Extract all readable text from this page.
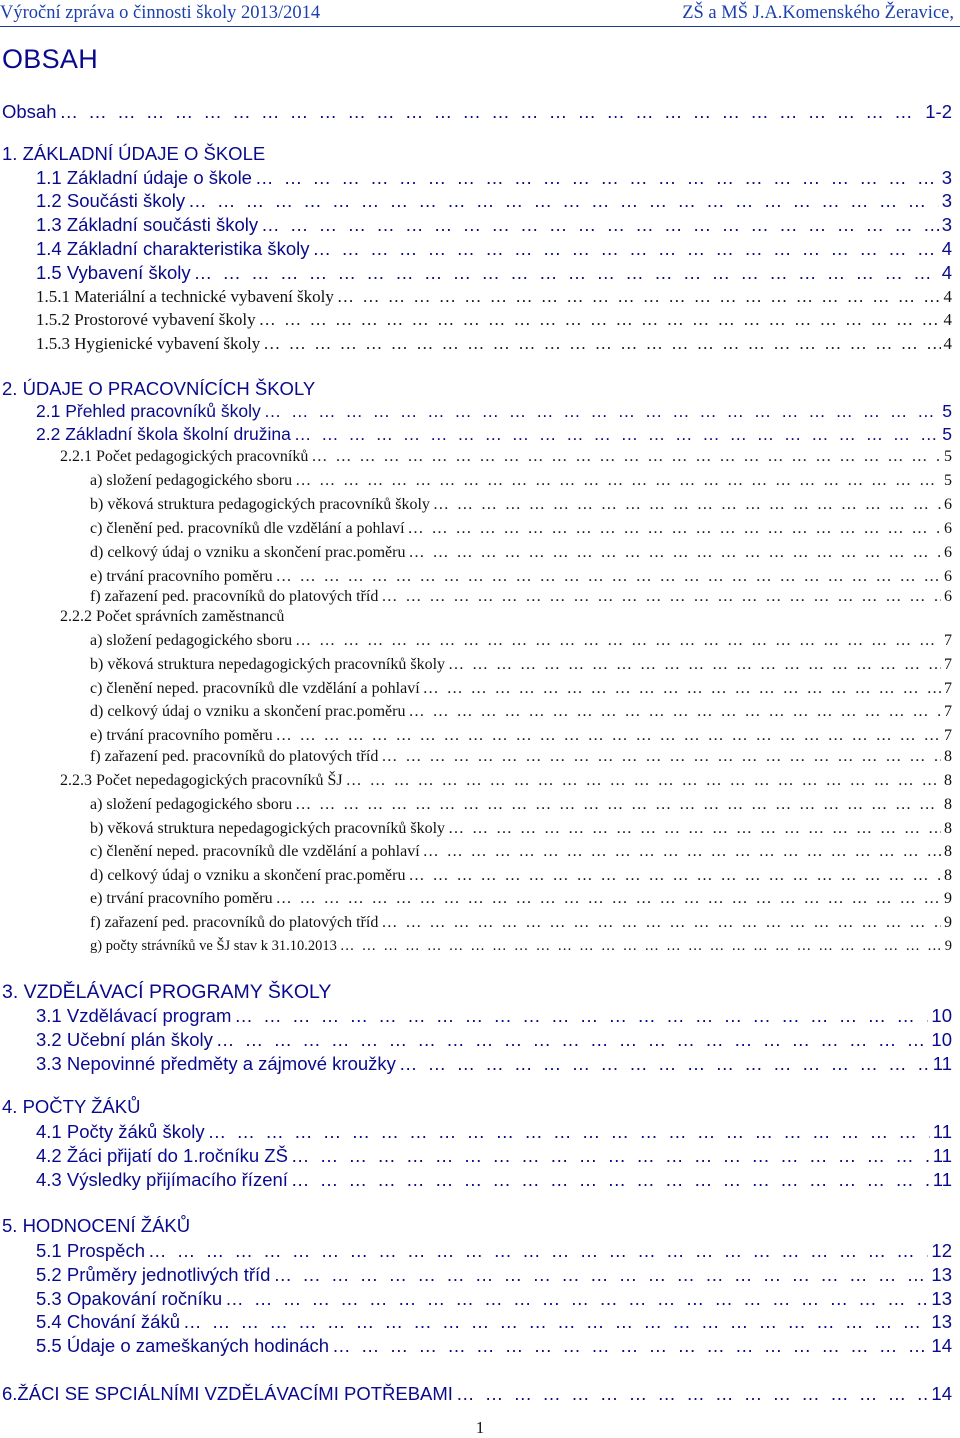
Výroční zpráva o činnosti školy 2013/2014	ZŠ a MŠ J.A.Komenského Žeravice,
OBSAH
Obsah … … … … … … … … … … … … … … … … … … … … … … … … … … … … … … … … … … … … … … … … … … … … … … … … … … … … … … … … … … … … … …	1-2
1. ZÁKLADNÍ ÚDAJE O ŠKOLE
1.1 Základní údaje o škole … … … … … … … … … … … … … … … … … … … … … … … … … … … … … … … … … … … … … … … … … … … … … … … … … … … … … … … … … … … … … …	3
1.2 Součásti školy … … … … … … … … … … … … … … … … … … … … … … … … … … … … … … … … … … … … … … … … … … … … … … … … … … … … … … … … … … … … … …	3
1.3 Základní součásti školy … … … … … … … … … … … … … … … … … … … … … … … … … … … … … … … … … … … … … … … … … … … … … … … … … … … … … … … … … … … … … …	3
1.4 Základní charakteristika školy … … … … … … … … … … … … … … … … … … … … … … … … … … … … … … … … … … … … … … … … … … … … … … … … … … … … … … … … … … … … … …	4
1.5 Vybavení školy … … … … … … … … … … … … … … … … … … … … … … … … … … … … … … … … … … … … … … … … … … … … … … … … … … … … … … … … … … … … … …	4
1.5.1 Materiální a technické vybavení školy … … … … … … … … … … … … … … … … … … … … … … … … … … … … … … … … … … … … … … … … … … … … … … … … … … … … … … … … … … … … … …	4
1.5.2 Prostorové vybavení školy … … … … … … … … … … … … … … … … … … … … … … … … … … … … … … … … … … … … … … … … … … … … … … … … … … … … … … … … … … … … … …	4
1.5.3 Hygienické vybavení školy … … … … … … … … … … … … … … … … … … … … … … … … … … … … … … … … … … … … … … … … … … … … … … … … … … … … … … … … … … … … … …	4
2. ÚDAJE O PRACOVNÍCÍCH ŠKOLY
2.1 Přehled pracovníků školy … … … … … … … … … … … … … … … … … … … … … … … … … … … … … … … … … … … … … … … … … … … … … … … … … … … … … … … … … … … … … …	5
2.2 Základní škola školní družina … … … … … … … … … … … … … … … … … … … … … … … … … … … … … … … … … … … … … … … … … … … … … … … … … … … … … … … … … … … … … …	5
2.2.1 Počet pedagogických pracovníků … … … … … … … … … … … … … … … … … … … … … … … … … … … … … … … … … … … … … … … … … … … … … … … … … … … … … … … … … … … … … …	5
a) složení pedagogického sboru … … … … … … … … … … … … … … … … … … … … … … … … … … … … … … … … … … … … … … … … … … … … … … … … … … … … … … … … … … … … … …	5
b) věková struktura pedagogických pracovníků školy … … … … … … … … … … … … … … … … … … … … … … … … … … … … … … … … … … … … … … … … … … … … … … … … … … … … … … … … … … … … … …	6
c) členění ped. pracovníků dle vzdělání a pohlaví … … … … … … … … … … … … … … … … … … … … … … … … … … … … … … … … … … … … … … … … … … … … … … … … … … … … … … … … … … … … … …	6
d) celkový údaj o vzniku a skončení prac.poměru … … … … … … … … … … … … … … … … … … … … … … … … … … … … … … … … … … … … … … … … … … … … … … … … … … … … … … … … … … … … … …	6
e) trvání pracovního poměru … … … … … … … … … … … … … … … … … … … … … … … … … … … … … … … … … … … … … … … … … … … … … … … … … … … … … … … … … … … … … …	6
f) zařazení ped. pracovníků do platových tříd … … … … … … … … … … … … … … … … … … … … … … … … … … … … … … … … … … … … … … … … … … … … … … … … … … … … … … … … … … … … … …	6
2.2.2 Počet správních zaměstnanců
a) složení pedagogického sboru … … … … … … … … … … … … … … … … … … … … … … … … … … … … … … … … … … … … … … … … … … … … … … … … … … … … … … … … … … … … … …	7
b) věková struktura nepedagogických pracovníků školy … … … … … … … … … … … … … … … … … … … … … … … … … … … … … … … … … … … … … … … … … … … … … … … … … … … … … … … … … … … … … …	7
c) členění neped. pracovníků dle vzdělání a pohlaví … … … … … … … … … … … … … … … … … … … … … … … … … … … … … … … … … … … … … … … … … … … … … … … … … … … … … … … … … … … … … …	7
d) celkový údaj o vzniku a skončení prac.poměru … … … … … … … … … … … … … … … … … … … … … … … … … … … … … … … … … … … … … … … … … … … … … … … … … … … … … … … … … … … … … …	7
e) trvání pracovního poměru … … … … … … … … … … … … … … … … … … … … … … … … … … … … … … … … … … … … … … … … … … … … … … … … … … … … … … … … … … … … … …	7
f) zařazení ped. pracovníků do platových tříd … … … … … … … … … … … … … … … … … … … … … … … … … … … … … … … … … … … … … … … … … … … … … … … … … … … … … … … … … … … … … …	8
2.2.3 Počet nepedagogických pracovníků ŠJ … … … … … … … … … … … … … … … … … … … … … … … … … … … … … … … … … … … … … … … … … … … … … … … … … … … … … … … … … … … … … …	8
a) složení pedagogického sboru … … … … … … … … … … … … … … … … … … … … … … … … … … … … … … … … … … … … … … … … … … … … … … … … … … … … … … … … … … … … … …	8
b) věková struktura nepedagogických pracovníků školy … … … … … … … … … … … … … … … … … … … … … … … … … … … … … … … … … … … … … … … … … … … … … … … … … … … … … … … … … … … … … …	8
c) členění neped. pracovníků dle vzdělání a pohlaví … … … … … … … … … … … … … … … … … … … … … … … … … … … … … … … … … … … … … … … … … … … … … … … … … … … … … … … … … … … … … …	8
d) celkový údaj o vzniku a skončení prac.poměru … … … … … … … … … … … … … … … … … … … … … … … … … … … … … … … … … … … … … … … … … … … … … … … … … … … … … … … … … … … … … …	8
e) trvání pracovního poměru … … … … … … … … … … … … … … … … … … … … … … … … … … … … … … … … … … … … … … … … … … … … … … … … … … … … … … … … … … … … … …	9
f) zařazení ped. pracovníků do platových tříd … … … … … … … … … … … … … … … … … … … … … … … … … … … … … … … … … … … … … … … … … … … … … … … … … … … … … … … … … … … … … …	9
g) počty strávníků ve ŠJ stav k 31.10.2013 … … … … … … … … … … … … … … … … … … … … … … … … … … … … … … … … … … … … … … … … … … … … … … … … … … … … … … … … … … … … … …	9
3. VZDĚLÁVACÍ PROGRAMY ŠKOLY
3.1 Vzdělávací program … … … … … … … … … … … … … … … … … … … … … … … … … … … … … … … … … … … … … … … … … … … … … … … … … … … … … … … … … … … … … …	10
3.2 Učební plán školy … … … … … … … … … … … … … … … … … … … … … … … … … … … … … … … … … … … … … … … … … … … … … … … … … … … … … … … … … … … … … …	10
3.3 Nepovinné předměty a zájmové kroužky … … … … … … … … … … … … … … … … … … … … … … … … … … … … … … … … … … … … … … … … … … … … … … … … … … … … … … … … … … … … … …	11
4. POČTY ŽÁKŮ
4.1 Počty žáků školy … … … … … … … … … … … … … … … … … … … … … … … … … … … … … … … … … … … … … … … … … … … … … … … … … … … … … … … … … … … … … …	11
4.2 Žáci přijatí do 1.ročníku ZŠ … … … … … … … … … … … … … … … … … … … … … … … … … … … … … … … … … … … … … … … … … … … … … … … … … … … … … … … … … … … … … …	11
4.3 Výsledky přijímacího řízení … … … … … … … … … … … … … … … … … … … … … … … … … … … … … … … … … … … … … … … … … … … … … … … … … … … … … … … … … … … … … …	11
5. HODNOCENÍ ŽÁKŮ
5.1 Prospěch … … … … … … … … … … … … … … … … … … … … … … … … … … … … … … … … … … … … … … … … … … … … … … … … … … … … … … … … … … … … … …	12
5.2 Průměry jednotlivých tříd … … … … … … … … … … … … … … … … … … … … … … … … … … … … … … … … … … … … … … … … … … … … … … … … … … … … … … … … … … … … … …	13
5.3 Opakování ročníku … … … … … … … … … … … … … … … … … … … … … … … … … … … … … … … … … … … … … … … … … … … … … … … … … … … … … … … … … … … … … …	13
5.4 Chování žáků … … … … … … … … … … … … … … … … … … … … … … … … … … … … … … … … … … … … … … … … … … … … … … … … … … … … … … … … … … … … … …	13
5.5 Údaje o zameškaných hodinách … … … … … … … … … … … … … … … … … … … … … … … … … … … … … … … … … … … … … … … … … … … … … … … … … … … … … … … … … … … … … …	14
6.ŽÁCI SE SPCIÁLNÍMI VZDĚLÁVACÍMI POTŘEBAMI … … … … … … … … … … … … … … … … … … … … … … … … … … … … … … … … … … … … … … … … … … … … … … … … … … … … … … … … … … … … … …	14
1
